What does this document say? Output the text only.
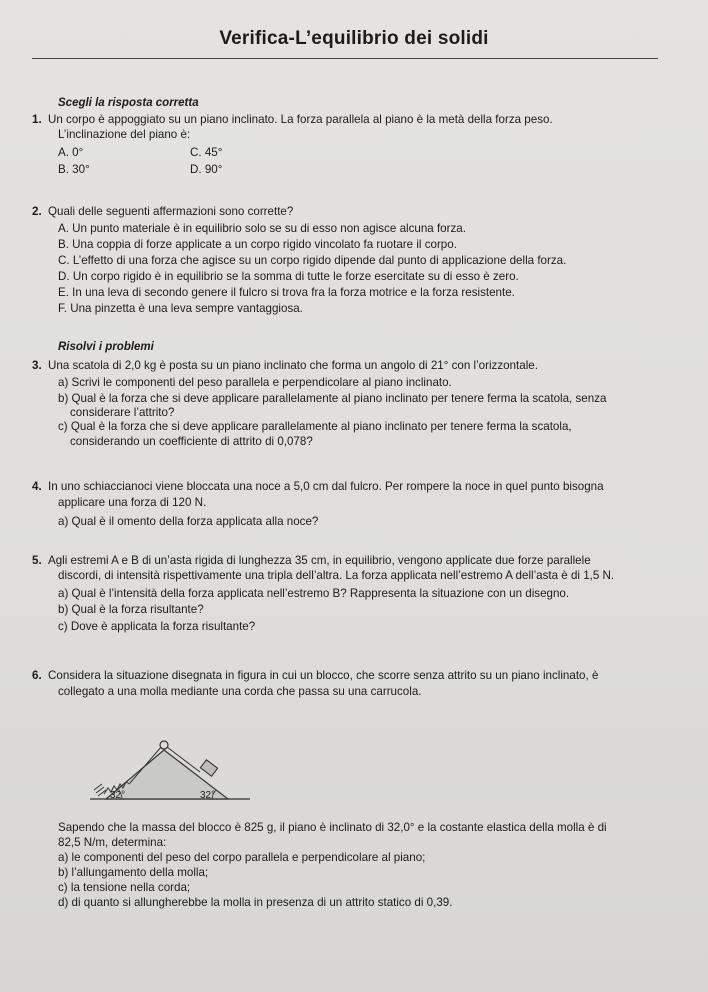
Verifica-L’equilibrio dei solidi
Scegli la risposta corretta
1. Un corpo è appoggiato su un piano inclinato. La forza parallela al piano è la metà della forza peso.
L’inclinazione del piano è:
A. 0°
B. 30°
C. 45°
D. 90°
2. Quali delle seguenti affermazioni sono corrette?
A. Un punto materiale è in equilibrio solo se su di esso non agisce alcuna forza.
B. Una coppia di forze applicate a un corpo rigido vincolato fa ruotare il corpo.
C. L’effetto di una forza che agisce su un corpo rigido dipende dal punto di applicazione della forza.
D. Un corpo rigido è in equilibrio se la somma di tutte le forze esercitate su di esso è zero.
E. In una leva di secondo genere il fulcro si trova fra la forza motrice e la forza resistente.
F. Una pinzetta è una leva sempre vantaggiosa.
Risolvi i problemi
3. Una scatola di 2,0 kg è posta su un piano inclinato che forma un angolo di 21° con l’orizzontale.
a) Scrivi le componenti del peso parallela e perpendicolare al piano inclinato.
b) Qual è la forza che si deve applicare parallelamente al piano inclinato per tenere ferma la scatola, senza
considerare l’attrito?
c) Qual è la forza che si deve applicare parallelamente al piano inclinato per tenere ferma la scatola,
considerando un coefficiente di attrito di 0,078?
4. In uno schiaccianoci viene bloccata una noce a 5,0 cm dal fulcro. Per rompere la noce in quel punto bisogna
applicare una forza di 120 N.
a) Qual è il omento della forza applicata alla noce?
5. Agli estremi A e B di un’asta rigida di lunghezza 35 cm, in equilibrio, vengono applicate due forze parallele
discordi, di intensità rispettivamente una tripla dell’altra. La forza applicata nell’estremo A dell’asta è di 1,5 N.
a) Qual è l’intensità della forza applicata nell’estremo B? Rappresenta la situazione con un disegno.
b) Qual è la forza risultante?
c) Dove è applicata la forza risultante?
6. Considera la situazione disegnata in figura in cui un blocco, che scorre senza attrito su un piano inclinato, è
collegato a una molla mediante una corda che passa su una carrucola.
32°	32°
Sapendo che la massa del blocco è 825 g, il piano è inclinato di 32,0° e la costante elastica della molla è di
82,5 N/m, determina:
a) le componenti del peso del corpo parallela e perpendicolare al piano;
b) l’allungamento della molla;
c) la tensione nella corda;
d) di quanto si allungherebbe la molla in presenza di un attrito statico di 0,39.
